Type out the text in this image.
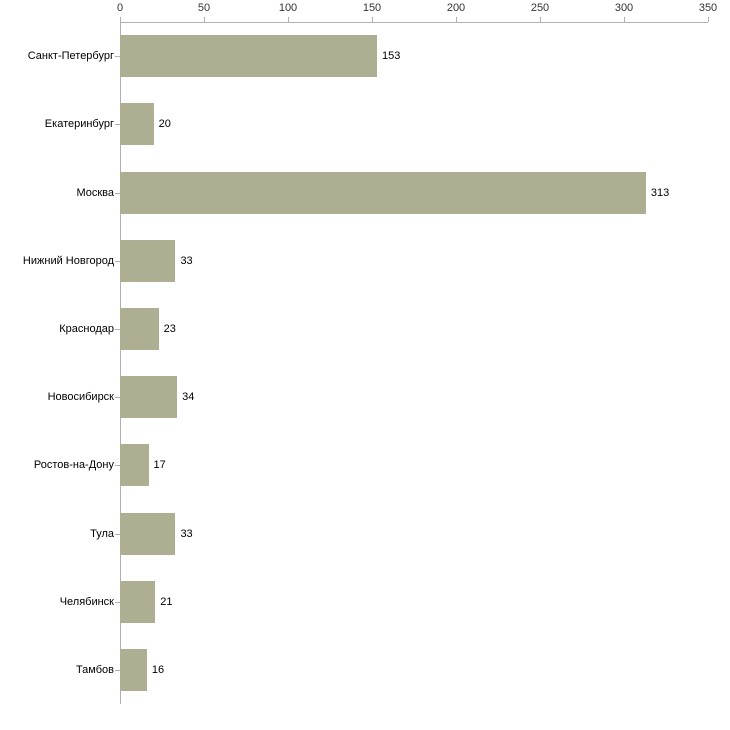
153
20
313
33
23
34
17
33
21
16
Санкт-Петербург
Екатеринбург
Москва
Нижний Новгород
Краснодар
Новосибирск
Ростов-на-Дону
Тула
Челябинск
Тамбов
0	50	100	150	200	250	300	350
